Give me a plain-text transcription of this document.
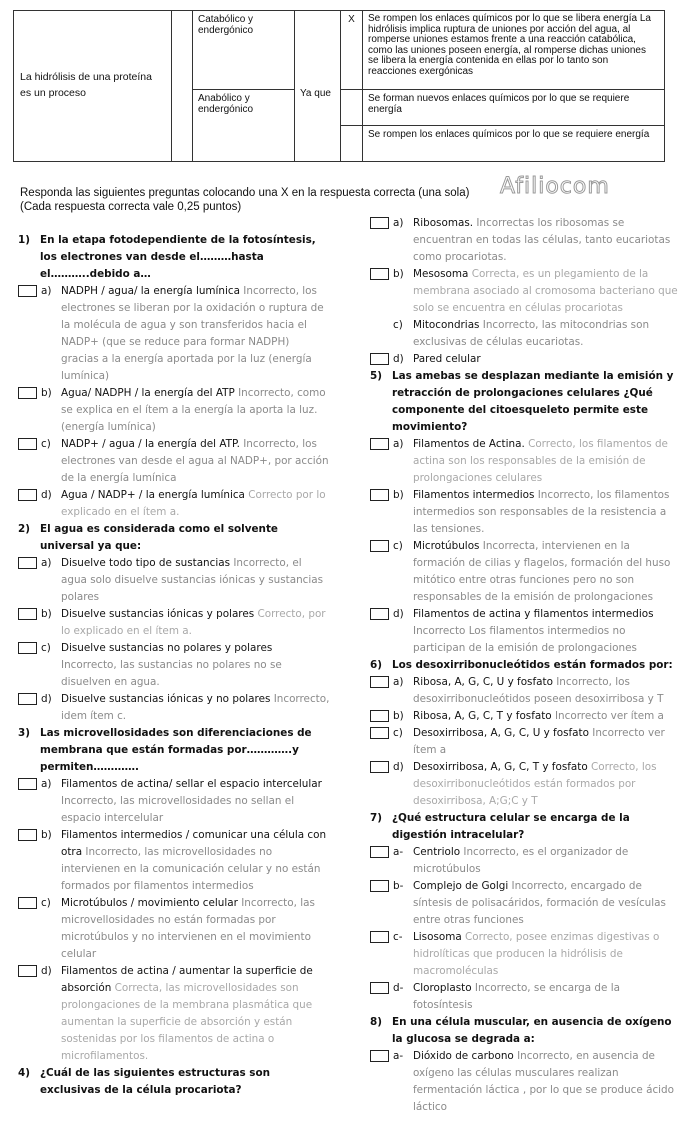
La hidrólisis de una proteína es un proceso		Catabólico y endergónico	Ya que	X	Se rompen los enlaces químicos por lo que se libera energía La hidrólisis implica ruptura de uniones por acción del agua, al romperse uniones estamos frente a una reacción catabólica, como las uniones poseen energía, al romperse dichas uniones se libera la energía contenida en ellas por lo tanto son reacciones exergónicas
		Anabólico y endergónico			Se forman nuevos enlaces químicos por lo que se requiere energía
					Se rompen los enlaces químicos por lo que se requiere energía
Responda las siguientes preguntas colocando una X en la respuesta correcta (una sola)
(Cada respuesta correcta vale 0,25 puntos)
Afiliocom
1) En la etapa fotodependiente de la fotosíntesis, los electrones van desde el………hasta el………..debido a…
a) NADPH / agua/ la energía lumínica Incorrecto, los electrones se liberan por la oxidación o ruptura de la molécula de agua y son transferidos hacia el NADP+ (que se reduce para formar NADPH) gracias a la energía aportada por la luz (energía lumínica)
b) Agua/ NADPH / la energía del ATP Incorrecto, como se explica en el ítem a la energía la aporta la luz.(energía lumínica)
c) NADP+ / agua / la energía del ATP. Incorrecto, los electrones van desde el agua al NADP+, por acción de la energía lumínica
d) Agua / NADP+ / la energía lumínica Correcto por lo explicado en el ítem a.
2) El agua es considerada como el solvente universal ya que:
a) Disuelve todo tipo de sustancias Incorrecto, el agua solo disuelve sustancias iónicas y sustancias polares
b) Disuelve sustancias iónicas y polares Correcto, por lo explicado en el ítem a.
c) Disuelve sustancias no polares y polares Incorrecto, las sustancias no polares no se disuelven en agua.
d) Disuelve sustancias iónicas y no polares Incorrecto, idem ítem c.
3) Las microvellosidades son diferenciaciones de membrana que están formadas por………….y permiten………….
a) Filamentos de actina/ sellar el espacio intercelular Incorrecto, las microvellosidades no sellan el espacio intercelular
b) Filamentos intermedios / comunicar una célula con otra Incorrecto, las microvellosidades no intervienen en la comunicación celular y no están formados por filamentos intermedios
c) Microtúbulos / movimiento celular Incorrecto, las microvellosidades no están formadas por microtúbulos y no intervienen en el movimiento celular
d) Filamentos de actina / aumentar la superficie de absorción Correcta, las microvellosidades son prolongaciones de la membrana plasmática que aumentan la superficie de absorción y están sostenidas por los filamentos de actina o microfilamentos.
4) ¿Cuál de las siguientes estructuras son exclusivas de la célula procariota?
a) Ribosomas. Incorrectas los ribosomas se encuentran en todas las células, tanto eucariotas como procariotas.
b) Mesosoma Correcta, es un plegamiento de la membrana asociado al cromosoma bacteriano que solo se encuentra en células procariotas
c) Mitocondrias Incorrecto, las mitocondrias son exclusivas de células eucariotas.
d) Pared celular
5) Las amebas se desplazan mediante la emisión y retracción de prolongaciones celulares ¿Qué componente del citoesqueleto permite este movimiento?
a) Filamentos de Actina. Correcto, los filamentos de actina son los responsables de la emisión de prolongaciones celulares
b) Filamentos intermedios Incorrecto, los filamentos intermedios son responsables de la resistencia a las tensiones.
c) Microtúbulos Incorrecta, intervienen en la formación de cilias y flagelos, formación del huso mitótico entre otras funciones pero no son responsables de la emisión de prolongaciones
d) Filamentos de actina y filamentos intermedios Incorrecto Los filamentos intermedios no participan de la emisión de prolongaciones
6) Los desoxirribonucleótidos están formados por:
a) Ribosa, A, G, C, U y fosfato Incorrecto, los desoxirribonucleótidos poseen desoxirribosa y T
b) Ribosa, A, G, C, T y fosfato Incorrecto ver ítem a
c) Desoxirribosa, A, G, C, U y fosfato Incorrecto ver ítem a
d) Desoxirribosa, A, G, C, T y fosfato Correcto, los desoxirribonucleótidos están formados por desoxirribosa, A;G;C y T
7) ¿Qué estructura celular se encarga de la digestión intracelular?
a- Centriolo Incorrecto, es el organizador de microtúbulos
b- Complejo de Golgi Incorrecto, encargado de síntesis de polisacáridos, formación de vesículas entre otras funciones
c- Lisosoma Correcto, posee enzimas digestivas o hidrolíticas que producen la hidrólisis de macromoléculas
d- Cloroplasto Incorrecto, se encarga de la fotosíntesis
8) En una célula muscular, en ausencia de oxígeno la glucosa se degrada a:
a- Dióxido de carbono Incorrecto, en ausencia de oxígeno las células musculares realizan fermentación láctica , por lo que se produce ácido láctico
